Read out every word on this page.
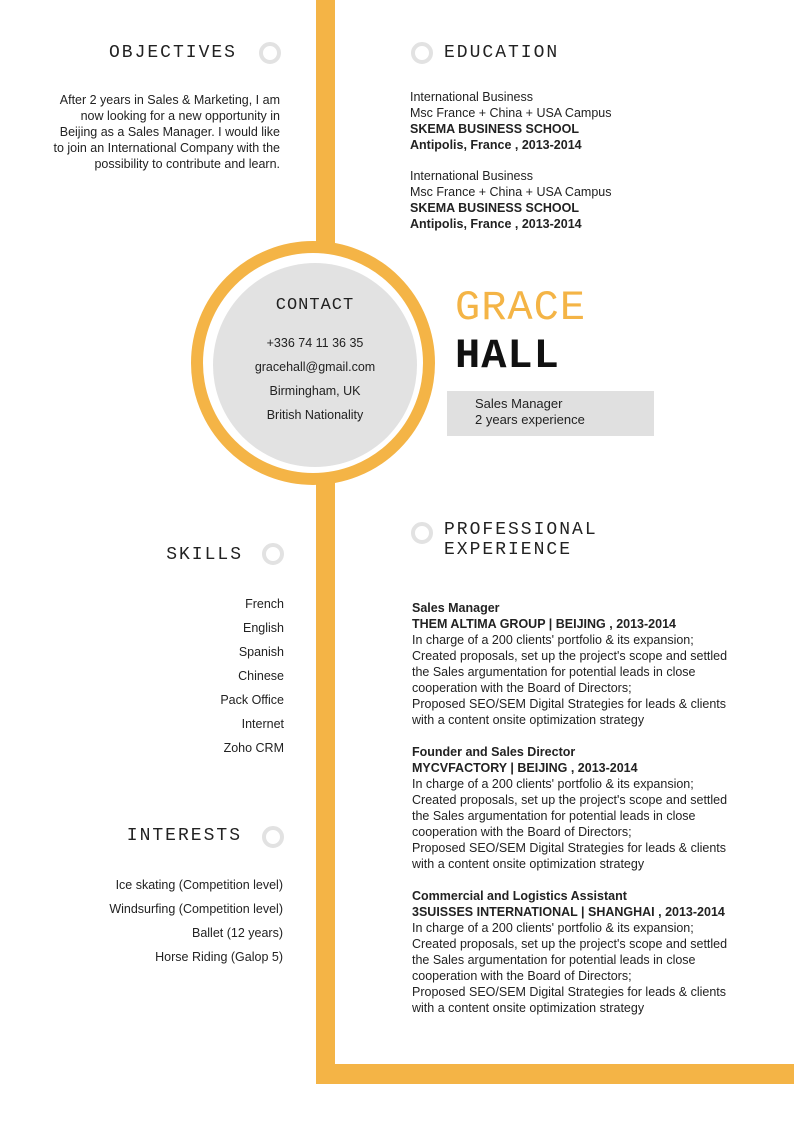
OBJECTIVES
After 2 years in Sales & Marketing, I am now looking for a new opportunity in Beijing as a Sales Manager. I would like to join an International Company with the possibility to contribute and learn.
EDUCATION
International Business
Msc France + China + USA Campus
SKEMA BUSINESS SCHOOL
Antipolis, France , 2013-2014
International Business
Msc France + China + USA Campus
SKEMA BUSINESS SCHOOL
Antipolis, France , 2013-2014
CONTACT
+336 74 11 36 35
gracehall@gmail.com
Birmingham, UK
British Nationality
GRACE
HALL
Sales Manager
2 years experience
SKILLS
French
English
Spanish
Chinese
Pack Office
Internet
Zoho CRM
INTERESTS
Ice skating (Competition level)
Windsurfing (Competition level)
Ballet (12 years)
Horse Riding (Galop 5)
PROFESSIONAL
EXPERIENCE
Sales Manager
THEM ALTIMA GROUP | BEIJING , 2013-2014
In charge of a 200 clients' portfolio & its expansion;
Created proposals, set up the project's scope and settled
the Sales argumentation for potential leads in close
cooperation with the Board of Directors;
Proposed SEO/SEM Digital Strategies for leads & clients
with a content onsite optimization strategy
Founder and Sales Director
MYCVFACTORY | BEIJING , 2013-2014
In charge of a 200 clients' portfolio & its expansion;
Created proposals, set up the project's scope and settled
the Sales argumentation for potential leads in close
cooperation with the Board of Directors;
Proposed SEO/SEM Digital Strategies for leads & clients
with a content onsite optimization strategy
Commercial and Logistics Assistant
3SUISSES INTERNATIONAL | SHANGHAI , 2013-2014
In charge of a 200 clients' portfolio & its expansion;
Created proposals, set up the project's scope and settled
the Sales argumentation for potential leads in close
cooperation with the Board of Directors;
Proposed SEO/SEM Digital Strategies for leads & clients
with a content onsite optimization strategy
